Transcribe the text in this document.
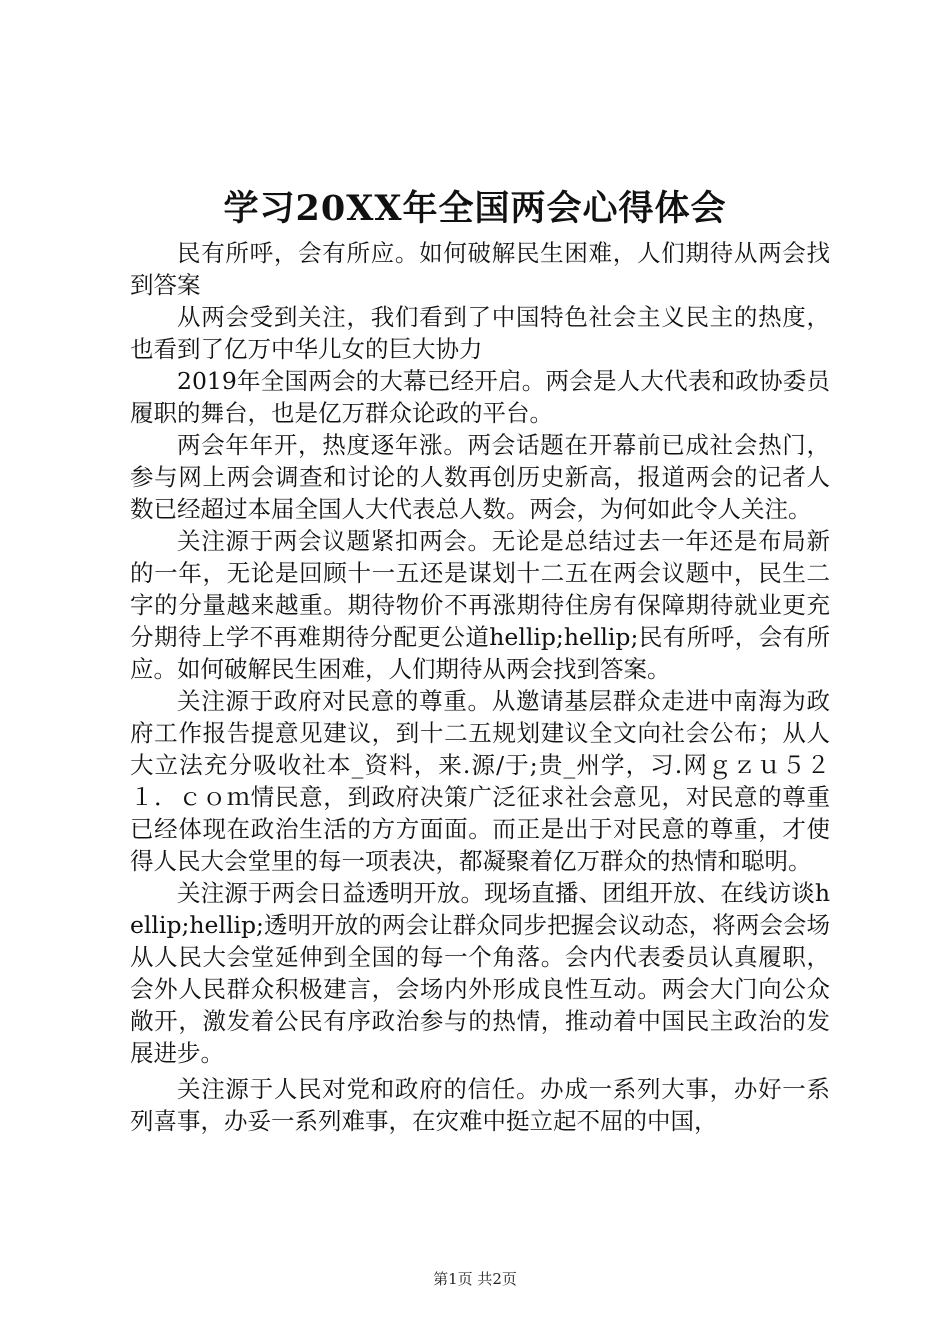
学习20XX年全国两会心得体会

民有所呼，会有所应。如何破解民生困难，人们期待从两会找到答案

从两会受到关注，我们看到了中国特色社会主义民主的热度，也看到了亿万中华儿女的巨大协力

2019年全国两会的大幕已经开启。两会是人大代表和政协委员履职的舞台，也是亿万群众论政的平台。

两会年年开，热度逐年涨。两会话题在开幕前已成社会热门，参与网上两会调查和讨论的人数再创历史新高，报道两会的记者人数已经超过本届全国人大代表总人数。两会，为何如此令人关注。

关注源于两会议题紧扣两会。无论是总结过去一年还是布局新的一年，无论是回顾十一五还是谋划十二五在两会议题中，民生二字的分量越来越重。期待物价不再涨期待住房有保障期待就业更充分期待上学不再难期待分配更公道hellip;hellip;民有所呼，会有所应。如何破解民生困难，人们期待从两会找到答案。

关注源于政府对民意的尊重。从邀请基层群众走进中南海为政府工作报告提意见建议，到十二五规划建议全文向社会公布；从人大立法充分吸收社本_资料，来.源/于;贵_州学，习.网ｇｚｕ５２１．ｃｏｍ情民意，到政府决策广泛征求社会意见，对民意的尊重已经体现在政治生活的方方面面。而正是出于对民意的尊重，才使得人民大会堂里的每一项表决，都凝聚着亿万群众的热情和聪明。

关注源于两会日益透明开放。现场直播、团组开放、在线访谈hellip;hellip;透明开放的两会让群众同步把握会议动态，将两会会场从人民大会堂延伸到全国的每一个角落。会内代表委员认真履职，会外人民群众积极建言，会场内外形成良性互动。两会大门向公众敞开，激发着公民有序政治参与的热情，推动着中国民主政治的发展进步。

关注源于人民对党和政府的信任。办成一系列大事，办好一系列喜事，办妥一系列难事，在灾难中挺立起不屈的中国，

第1页 共2页
